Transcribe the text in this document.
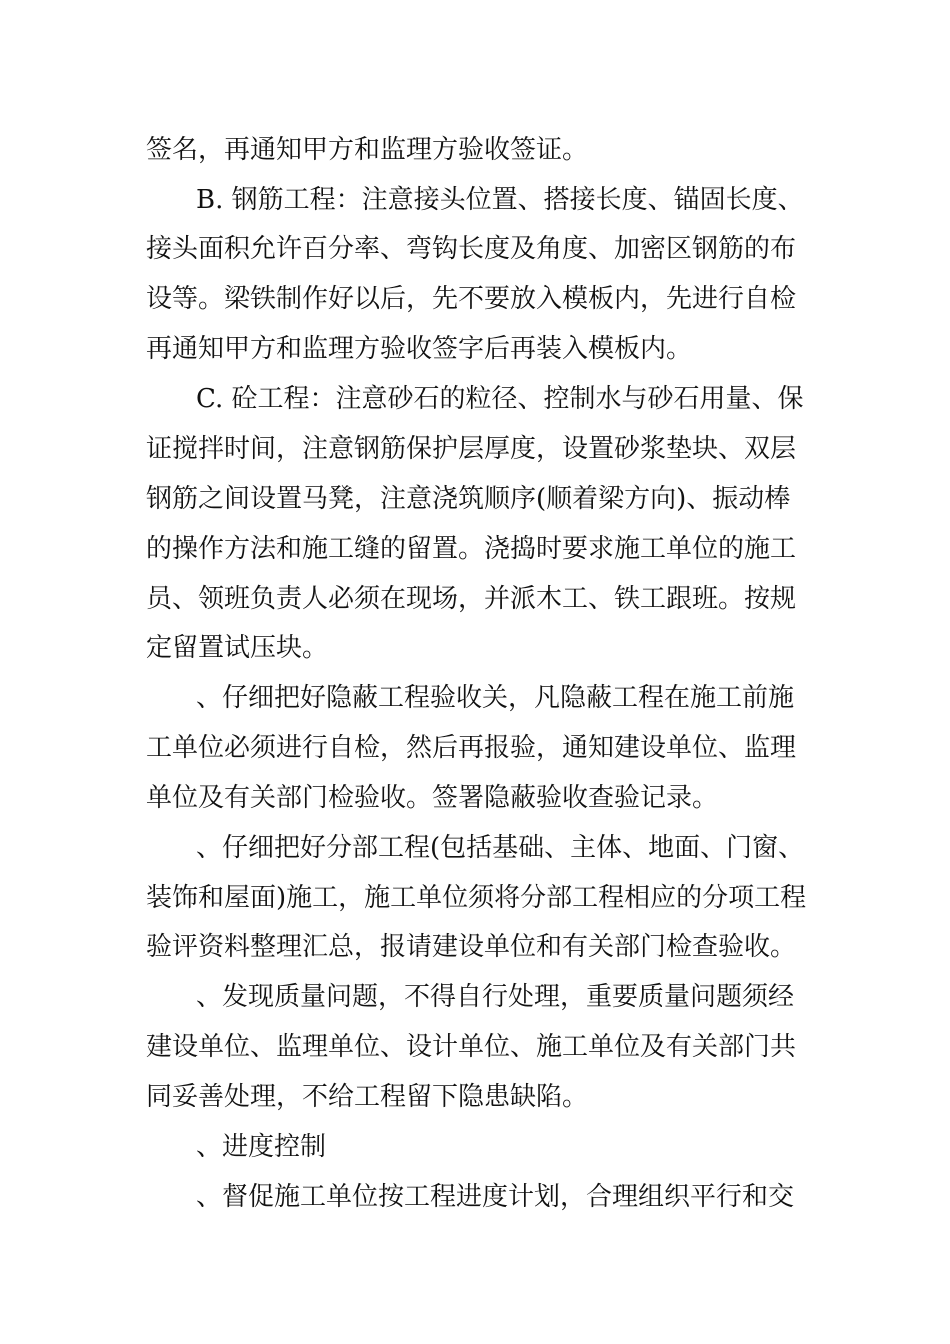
签名，再通知甲方和监理方验收签证。
B. 钢筋工程：注意接头位置、搭接长度、锚固长度、
接头面积允许百分率、弯钩长度及角度、加密区钢筋的布
设等。梁铁制作好以后，先不要放入模板内，先进行自检
再通知甲方和监理方验收签字后再装入模板内。
C. 砼工程：注意砂石的粒径、控制水与砂石用量、保
证搅拌时间，注意钢筋保护层厚度，设置砂浆垫块、双层
钢筋之间设置马凳，注意浇筑顺序(顺着梁方向)、振动棒
的操作方法和施工缝的留置。浇捣时要求施工单位的施工
员、领班负责人必须在现场，并派木工、铁工跟班。按规
定留置试压块。
、仔细把好隐蔽工程验收关，凡隐蔽工程在施工前施
工单位必须进行自检，然后再报验，通知建设单位、监理
单位及有关部门检验收。签署隐蔽验收查验记录。
、仔细把好分部工程(包括基础、主体、地面、门窗、
装饰和屋面)施工，施工单位须将分部工程相应的分项工程
验评资料整理汇总，报请建设单位和有关部门检查验收。
、发现质量问题，不得自行处理，重要质量问题须经
建设单位、监理单位、设计单位、施工单位及有关部门共
同妥善处理，不给工程留下隐患缺陷。
、进度控制
、督促施工单位按工程进度计划，合理组织平行和交
